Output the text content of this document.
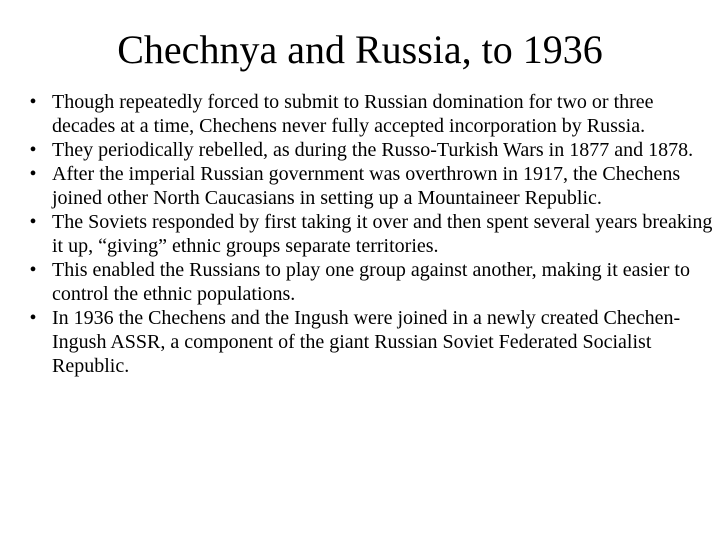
Chechnya and Russia, to 1936
• Though repeatedly forced to submit to Russian domination for two or three decades at a time, Chechens never fully accepted incorporation by Russia.
• They periodically rebelled, as during the Russo-Turkish Wars in 1877 and 1878.
• After the imperial Russian government was overthrown in 1917, the Chechens joined other North Caucasians in setting up a Mountaineer Republic.
• The Soviets responded by first taking it over and then spent several years breaking it up, “giving” ethnic groups separate territories.
• This enabled the Russians to play one group against another, making it easier to control the ethnic populations.
• In 1936 the Chechens and the Ingush were joined in a newly created Chechen-Ingush ASSR, a component of the giant Russian Soviet Federated Socialist Republic.
